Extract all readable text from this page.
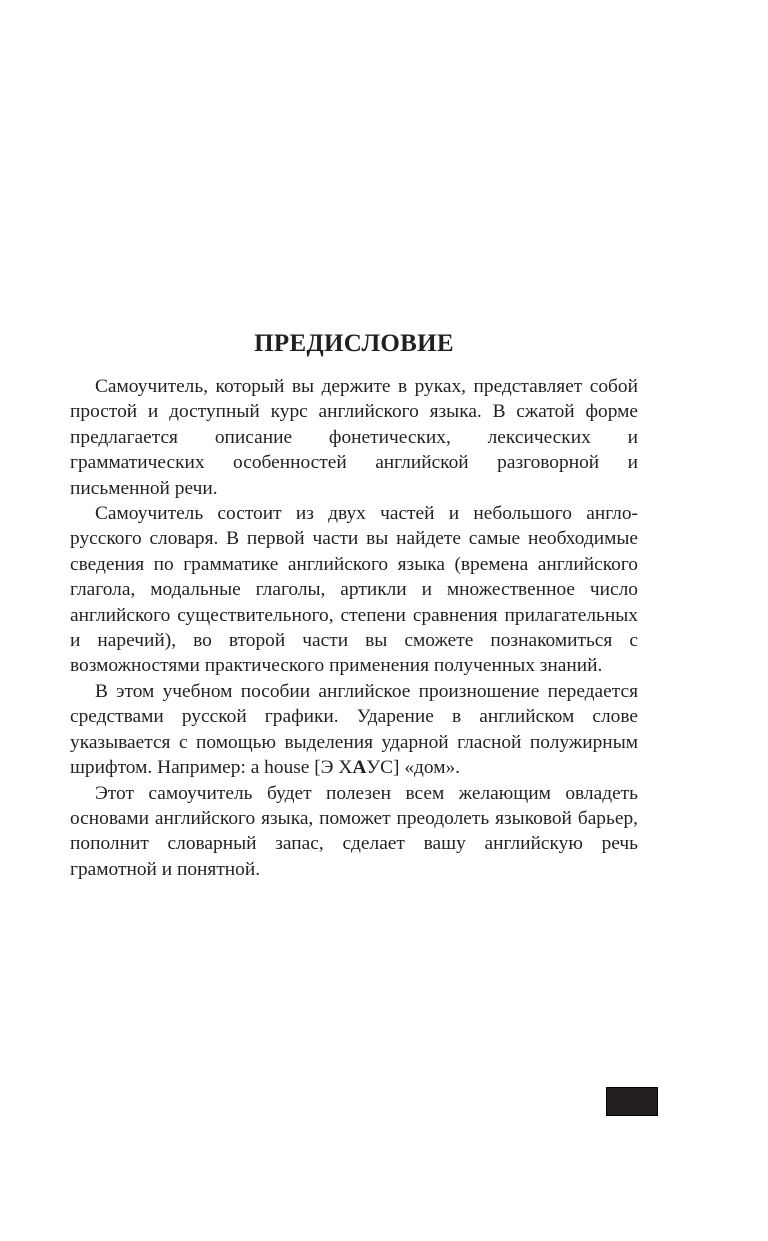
ПРЕДИСЛОВИЕ

Самоучитель, который вы держите в руках, представляет собой простой и доступный курс английского языка. В сжатой форме предлагается описание фонетических, лексических и грамматических особенностей английской разговорной и письменной речи.

Самоучитель состоит из двух частей и небольшого англо-русского словаря. В первой части вы найдете самые необходимые сведения по грамматике английского языка (времена английского глагола, модальные глаголы, артикли и множественное число английского существительного, степени сравнения прилагательных и наречий), во второй части вы сможете познакомиться с возможностями практического применения полученных знаний.

В этом учебном пособии английское произношение передается средствами русской графики. Ударение в английском слове указывается с помощью выделения ударной гласной полужирным шрифтом. Например: a house [Э ХАУС] «дом».

Этот самоучитель будет полезен всем желающим овладеть основами английского языка, поможет преодолеть языковой барьер, пополнит словарный запас, сделает вашу английскую речь грамотной и понятной.
